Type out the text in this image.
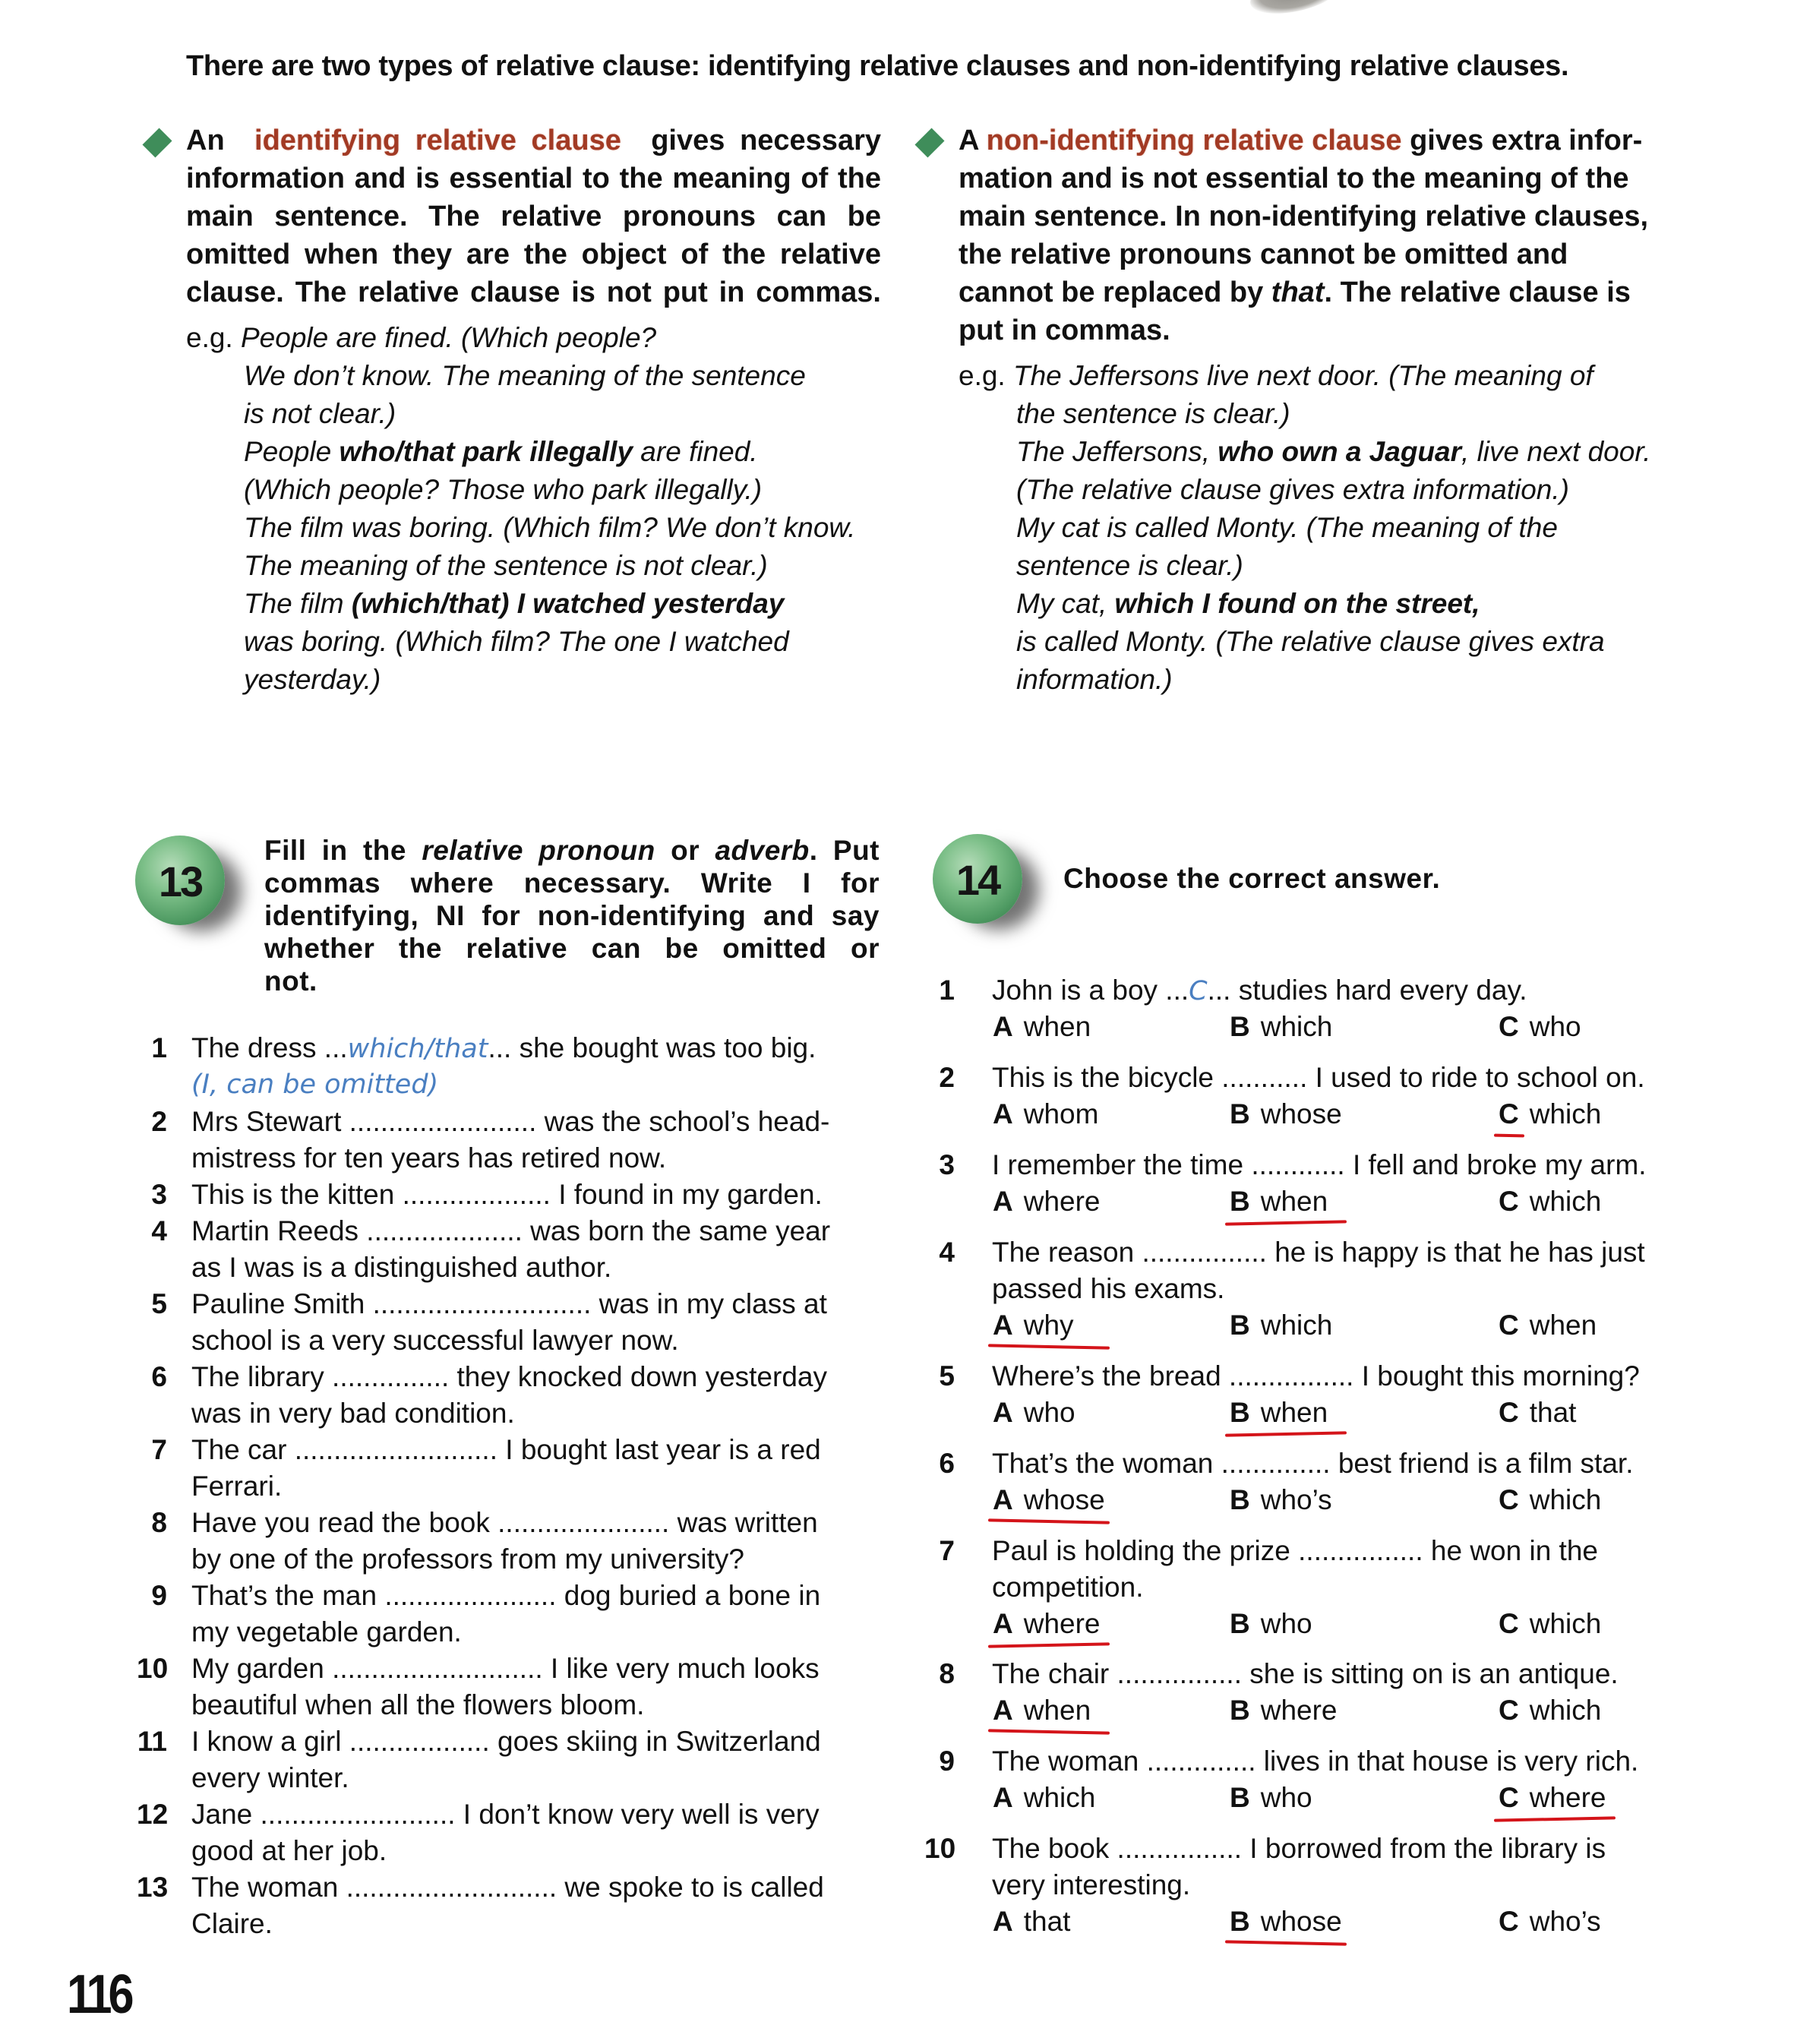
There are two types of relative clause: identifying relative clauses and non-identifying relative clauses.
An identifying relative clause gives necessary
information and is essential to the meaning of the
main sentence. The relative pronouns can be
omitted when they are the object of the relative
clause. The relative clause is not put in commas.
e.g. People are fined. (Which people?
We don’t know. The meaning of the sentence
is not clear.)
People who/that park illegally are fined.
(Which people? Those who park illegally.)
The film was boring. (Which film? We don’t know.
The meaning of the sentence is not clear.)
The film (which/that) I watched yesterday
was boring. (Which film? The one I watched
yesterday.)
A non-identifying relative clause gives extra infor-
mation and is not essential to the meaning of the
main sentence. In non-identifying relative clauses,
the relative pronouns cannot be omitted and
cannot be replaced by that. The relative clause is
put in commas.
e.g. The Jeffersons live next door. (The meaning of
the sentence is clear.)
The Jeffersons, who own a Jaguar, live next door.
(The relative clause gives extra information.)
My cat is called Monty. (The meaning of the
sentence is clear.)
My cat, which I found on the street,
is called Monty. (The relative clause gives extra
information.)
13
Fill in the relative pronoun or adverb. Put
commas where necessary. Write I for
identifying, NI for non-identifying and say
whether the relative can be omitted or
not.
1
(I, can be omitted)
The dress ...which/that... she bought was too big.
2 Mrs Stewart ........................ was the school’s head-
mistress for ten years has retired now.
3 This is the kitten ................... I found in my garden.
4 Martin Reeds .................... was born the same year
as I was is a distinguished author.
5 Pauline Smith ............................ was in my class at
school is a very successful lawyer now.
6 The library ............... they knocked down yesterday
was in very bad condition.
7 The car .......................... I bought last year is a red
Ferrari.
8 Have you read the book ...................... was written
by one of the professors from my university?
9 That’s the man ...................... dog buried a bone in
my vegetable garden.
10 My garden ........................... I like very much looks
beautiful when all the flowers bloom.
11 I know a girl .................. goes skiing in Switzerland
every winter.
12 Jane ......................... I don’t know very well is very
good at her job.
13 The woman ........................... we spoke to is called
Claire.
14	Choose the correct answer.
1 John is a boy ...C... studies hard every day.
A when	B which	C who
2 This is the bicycle ........... I used to ride to school on.
A whom	B whose	C which
3 I remember the time ............ I fell and broke my arm.
A where	B when	C which
4 The reason ................ he is happy is that he has just
passed his exams.
A why	B which	C when
5 Where’s the bread ................ I bought this morning?
A who	B when	C that
6 That’s the woman .............. best friend is a film star.
A whose	B who’s	C which
7 Paul is holding the prize ................ he won in the
competition.
A where	B who	C which
8 The chair ................ she is sitting on is an antique.
A when	B where	C which
9 The woman .............. lives in that house is very rich.
A which	B who	C where
10 The book ................ I borrowed from the library is
very interesting.
A that	B whose	C who’s
116
